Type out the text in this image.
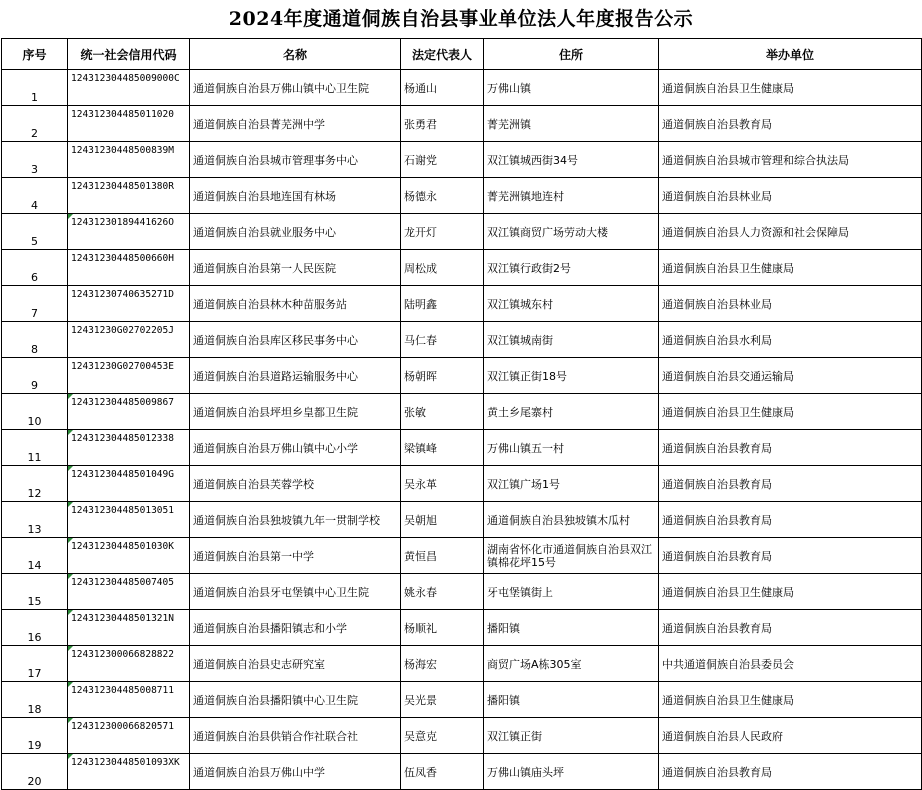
2024年度通道侗族自治县事业单位法人年度报告公示
序号	统一社会信用代码	名称	法定代表人	住所	举办单位
1	124312304485009000C	通道侗族自治县万佛山镇中心卫生院	杨通山	万佛山镇	通道侗族自治县卫生健康局
2	124312304485011020	通道侗族自治县菁芜洲中学	张勇君	菁芜洲镇	通道侗族自治县教育局
3	12431230448500839M	通道侗族自治县城市管理事务中心	石谢党	双江镇城西街34号	通道侗族自治县城市管理和综合执法局
4	12431230448501380R	通道侗族自治县地连国有林场	杨德永	菁芜洲镇地连村	通道侗族自治县林业局
5	12431230189441626O	通道侗族自治县就业服务中心	龙开灯	双江镇商贸广场劳动大楼	通道侗族自治县人力资源和社会保障局
6	12431230448500660H	通道侗族自治县第一人民医院	周松成	双江镇行政街2号	通道侗族自治县卫生健康局
7	12431230740635271D	通道侗族自治县林木种苗服务站	陆明鑫	双江镇城东村	通道侗族自治县林业局
8	12431230G02702205J	通道侗族自治县库区移民事务中心	马仁春	双江镇城南街	通道侗族自治县水利局
9	12431230G02700453E	通道侗族自治县道路运输服务中心	杨朝晖	双江镇正街18号	通道侗族自治县交通运输局
10	124312304485009867	通道侗族自治县坪坦乡皇都卫生院	张敏	黄土乡尾寨村	通道侗族自治县卫生健康局
11	124312304485012338	通道侗族自治县万佛山镇中心小学	梁镇峰	万佛山镇五一村	通道侗族自治县教育局
12	12431230448501049G	通道侗族自治县芙蓉学校	吴永革	双江镇广场1号	通道侗族自治县教育局
13	124312304485013051	通道侗族自治县独坡镇九年一贯制学校	吴朝旭	通道侗族自治县独坡镇木瓜村	通道侗族自治县教育局
14	12431230448501030K	通道侗族自治县第一中学	黄恒昌	湖南省怀化市通道侗族自治县双江镇棉花坪15号	通道侗族自治县教育局
15	124312304485007405	通道侗族自治县牙屯堡镇中心卫生院	姚永春	牙屯堡镇街上	通道侗族自治县卫生健康局
16	12431230448501321N	通道侗族自治县播阳镇志和小学	杨顺礼	播阳镇	通道侗族自治县教育局
17	124312300066828822	通道侗族自治县史志研究室	杨海宏	商贸广场A栋305室	中共通道侗族自治县委员会
18	124312304485008711	通道侗族自治县播阳镇中心卫生院	吴光景	播阳镇	通道侗族自治县卫生健康局
19	124312300066820571	通道侗族自治县供销合作社联合社	吴意克	双江镇正街	通道侗族自治县人民政府
20	12431230448501093XK	通道侗族自治县万佛山中学	伍凤香	万佛山镇庙头坪	通道侗族自治县教育局
